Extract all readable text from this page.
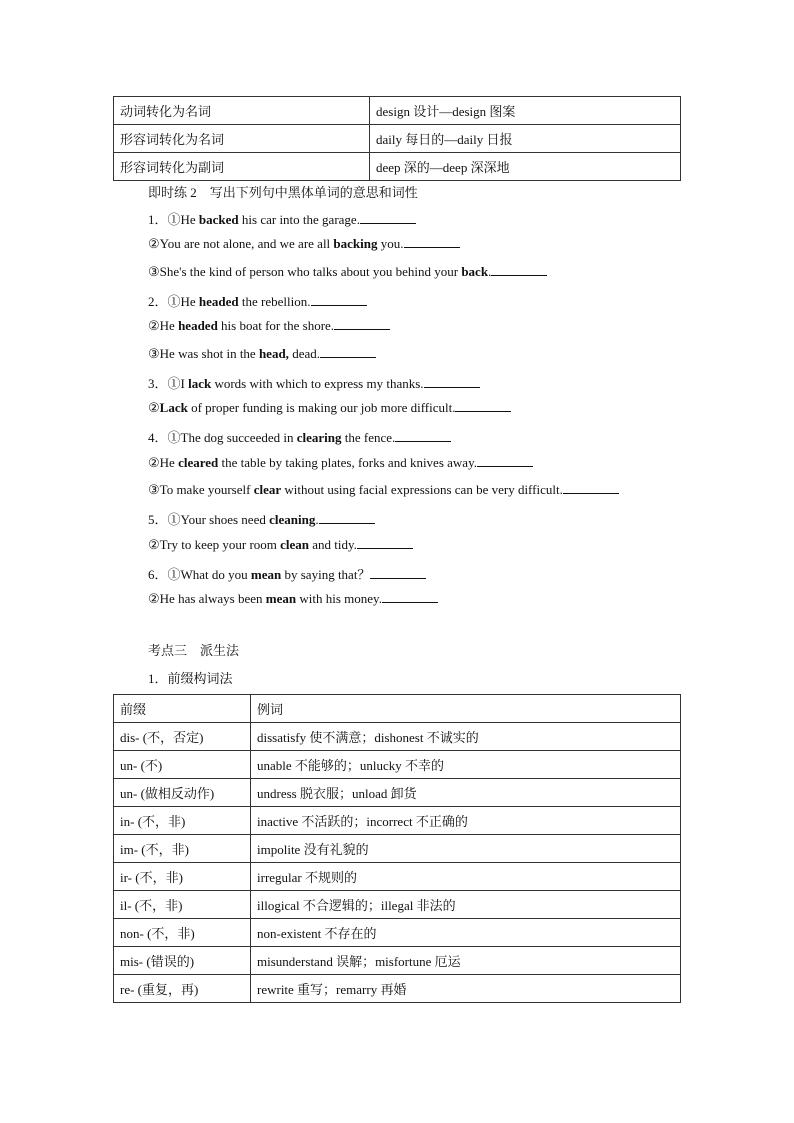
动词转化为名词	design 设计—design 图案
形容词转化为名词	daily 每日的—daily 日报
形容词转化为副词	deep 深的—deep 深深地
即时练 2　写出下列句中黑体单词的意思和词性
1．①He backed his car into the garage.
②You are not alone, and we are all backing you.
③She's the kind of person who talks about you behind your back.
2．①He headed the rebellion.
②He headed his boat for the shore.
③He was shot in the head, dead.
3．①I lack words with which to express my thanks.
②Lack of proper funding is making our job more difficult.
4．①The dog succeeded in clearing the fence.
②He cleared the table by taking plates, forks and knives away.
③To make yourself clear without using facial expressions can be very difficult.
5．①Your shoes need cleaning.
②Try to keep your room clean and tidy.
6．①What do you mean by saying that？
②He has always been mean with his money.
考点三　派生法
1．前缀构词法
前缀	例词
dis- (不，否定)	dissatisfy 使不满意；dishonest 不诚实的
un- (不)	unable 不能够的；unlucky 不幸的
un- (做相反动作)	undress 脱衣服；unload 卸货
in- (不，非)	inactive 不活跃的；incorrect 不正确的
im- (不，非)	impolite 没有礼貌的
ir- (不，非)	irregular 不规则的
il- (不，非)	illogical 不合逻辑的；illegal 非法的
non- (不，非)	non-existent 不存在的
mis- (错误的)	misunderstand 误解；misfortune 厄运
re- (重复，再)	rewrite 重写；remarry 再婚
